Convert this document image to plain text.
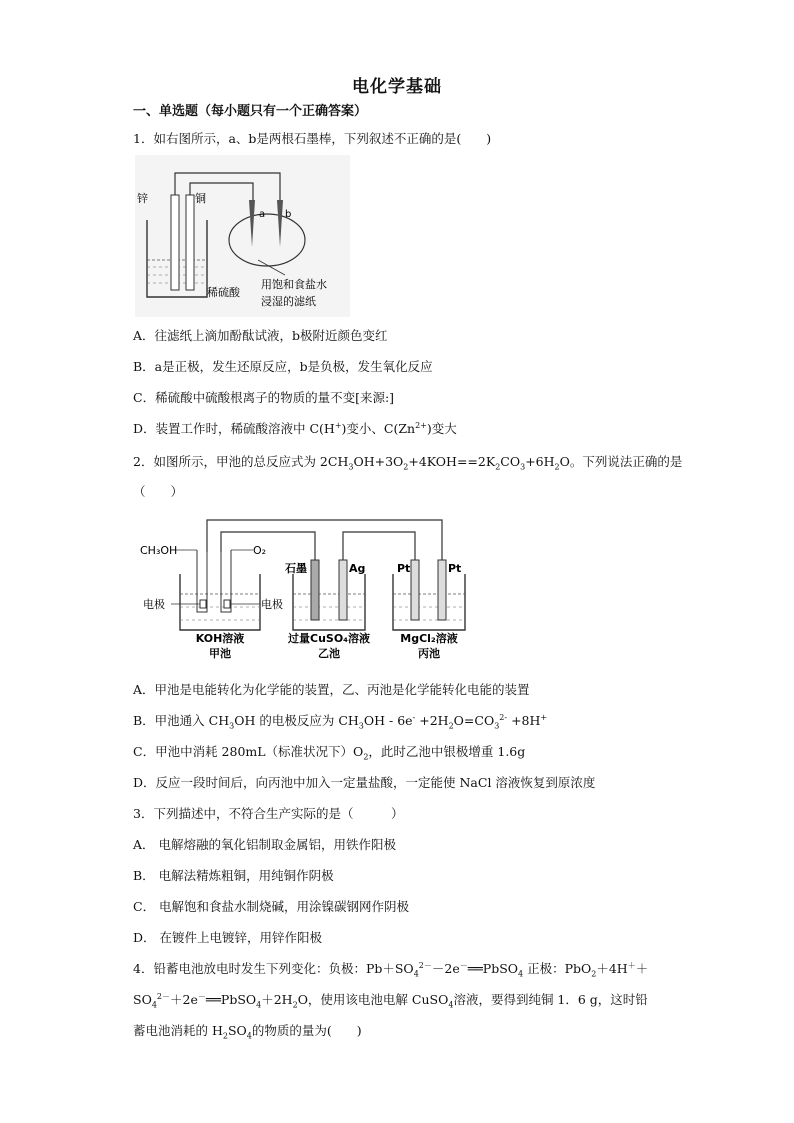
电化学基础
一、单选题（每小题只有一个正确答案）
1．如右图所示，a、b是两根石墨棒，下列叙述不正确的是(　　)
锌	铜
稀硫酸
a b
用饱和食盐水
浸湿的滤纸
A．往滤纸上滴加酚酞试液，b极附近颜色变红
B．a是正极，发生还原反应，b是负极，发生氧化反应
C．稀硫酸中硫酸根离子的物质的量不变[来源:]
D．装置工作时，稀硫酸溶液中 C(H+)变小、$C(Zn^{2+})$变大
2．如图所示，甲池的总反应式为 $2CH_3OH+3O_2+4KOH==2K_2CO_3+6H_2O$。下列说法正确的是
（　　）
CH₃OH	O₂
电极	电极
KOH溶液
甲池
石墨	Ag
过量CuSO₄溶液
乙池
Pt	Pt
MgCl₂溶液
丙池
A．甲池是电能转化为化学能的装置，乙、丙池是化学能转化电能的装置
B．甲池通入 $CH_3OH$ 的电极反应为 $CH_3OH - 6e^- +2H_2O=CO_3^{2-} +8H^+$
C．甲池中消耗 280mL（标准状况下）$O_2$，此时乙池中银极增重 1.6g
D．反应一段时间后，向丙池中加入一定量盐酸，一定能使 NaCl 溶液恢复到原浓度
3．下列描述中，不符合生产实际的是（　　　）
A． 电解熔融的氧化铝制取金属铝，用铁作阳极
B． 电解法精炼粗铜，用纯铜作阴极
C． 电解饱和食盐水制烧碱，用涂镍碳钢网作阴极
D． 在镀件上电镀锌，用锌作阳极
4．铅蓄电池放电时发生下列变化：负极：$Pb+SO_4^{2-}-2e^-══PbSO_4$ 正极：PbO$_2$＋4H＋＋
$SO_4^{2-}+2e^-══PbSO_4+2H_2O$，使用该电池电解 CuSO$_4$溶液，要得到纯铜 1．6 g，这时铅
蓄电池消耗的 $H_2SO_4$的物质的量为(　　)
